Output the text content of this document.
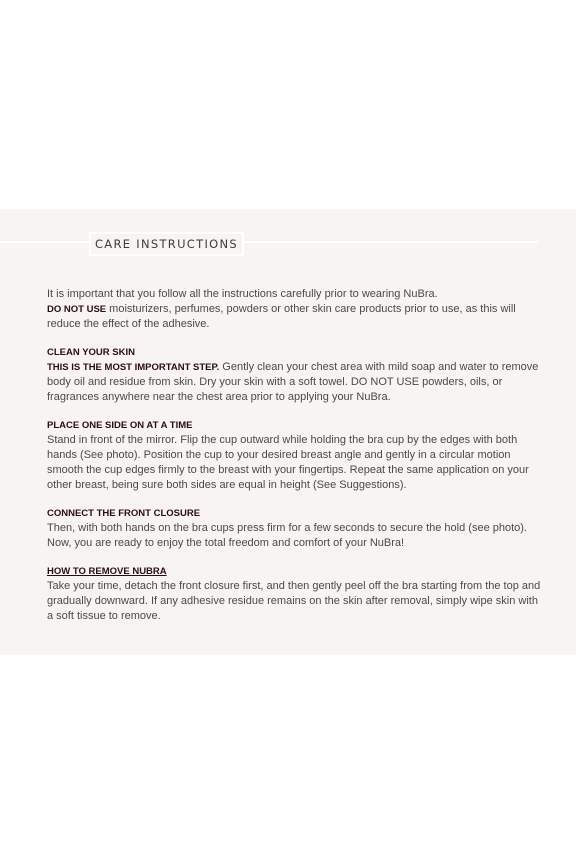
CARE INSTRUCTIONS

It is important that you follow all the instructions carefully prior to wearing NuBra.

DO NOT USE moisturizers, perfumes, powders or other skin care products prior to use, as this will reduce the effect of the adhesive.

CLEAN YOUR SKIN

THIS IS THE MOST IMPORTANT STEP. Gently clean your chest area with mild soap and water to remove body oil and residue from skin. Dry your skin with a soft towel. DO NOT USE powders, oils, or fragrances anywhere near the chest area prior to applying your NuBra.

PLACE ONE SIDE ON AT A TIME

Stand in front of the mirror. Flip the cup outward while holding the bra cup by the edges with both hands (See photo). Position the cup to your desired breast angle and gently in a circular motion smooth the cup edges firmly to the breast with your fingertips. Repeat the same application on your other breast, being sure both sides are equal in height (See Suggestions).

CONNECT THE FRONT CLOSURE

Then, with both hands on the bra cups press firm for a few seconds to secure the hold (see photo). Now, you are ready to enjoy the total freedom and comfort of your NuBra!

HOW TO REMOVE NUBRA

Take your time, detach the front closure first, and then gently peel off the bra starting from the top and gradually downward. If any adhesive residue remains on the skin after removal, simply wipe skin with a soft tissue to remove.
